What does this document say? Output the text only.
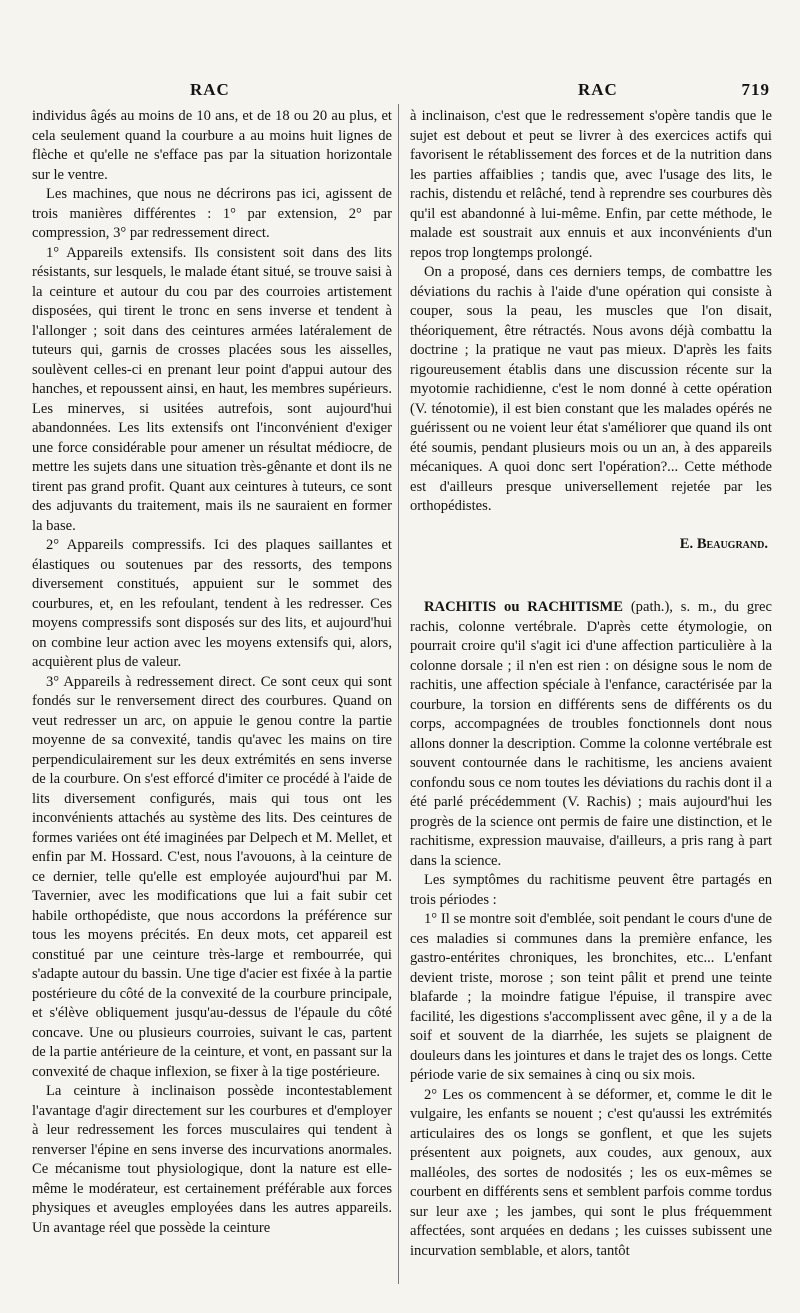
RAC	RAC	719

individus âgés au moins de 10 ans, et de 18 ou 20 au plus, et cela seulement quand la courbure a au moins huit lignes de flèche et qu'elle ne s'efface pas par la situation horizontale sur le ventre.

Les machines, que nous ne décrirons pas ici, agissent de trois manières différentes : 1° par extension, 2° par compression, 3° par redressement direct.

1° Appareils extensifs. Ils consistent soit dans des lits résistants, sur lesquels, le malade étant situé, se trouve saisi à la ceinture et autour du cou par des courroies artistement disposées, qui tirent le tronc en sens inverse et tendent à l'allonger ; soit dans des ceintures armées latéralement de tuteurs qui, garnis de crosses placées sous les aisselles, soulèvent celles-ci en prenant leur point d'appui autour des hanches, et repoussent ainsi, en haut, les membres supérieurs. Les minerves, si usitées autrefois, sont aujourd'hui abandonnées. Les lits extensifs ont l'inconvénient d'exiger une force considérable pour amener un résultat médiocre, de mettre les sujets dans une situation très-gênante et dont ils ne tirent pas grand profit. Quant aux ceintures à tuteurs, ce sont des adjuvants du traitement, mais ils ne sauraient en former la base.

2° Appareils compressifs. Ici des plaques saillantes et élastiques ou soutenues par des ressorts, des tempons diversement constitués, appuient sur le sommet des courbures, et, en les refoulant, tendent à les redresser. Ces moyens compressifs sont disposés sur des lits, et aujourd'hui on combine leur action avec les moyens extensifs qui, alors, acquièrent plus de valeur.

3° Appareils à redressement direct. Ce sont ceux qui sont fondés sur le renversement direct des courbures. Quand on veut redresser un arc, on appuie le genou contre la partie moyenne de sa convexité, tandis qu'avec les mains on tire perpendiculairement sur les deux extrémités en sens inverse de la courbure. On s'est efforcé d'imiter ce procédé à l'aide de lits diversement configurés, mais qui tous ont les inconvénients attachés au système des lits. Des ceintures de formes variées ont été imaginées par Delpech et M. Mellet, et enfin par M. Hossard. C'est, nous l'avouons, à la ceinture de ce dernier, telle qu'elle est employée aujourd'hui par M. Tavernier, avec les modifications que lui a fait subir cet habile orthopédiste, que nous accordons la préférence sur tous les moyens précités. En deux mots, cet appareil est constitué par une ceinture très-large et rembourrée, qui s'adapte autour du bassin. Une tige d'acier est fixée à la partie postérieure du côté de la convexité de la courbure principale, et s'élève obliquement jusqu'au-dessus de l'épaule du côté concave. Une ou plusieurs courroies, suivant le cas, partent de la partie antérieure de la ceinture, et vont, en passant sur la convexité de chaque inflexion, se fixer à la tige postérieure.

La ceinture à inclinaison possède incontestablement l'avantage d'agir directement sur les courbures et d'employer à leur redressement les forces musculaires qui tendent à renverser l'épine en sens inverse des incurvations anormales. Ce mécanisme tout physiologique, dont la nature est elle-même le modérateur, est certainement préférable aux forces physiques et aveugles employées dans les autres appareils. Un avantage réel que possède la ceinture

à inclinaison, c'est que le redressement s'opère tandis que le sujet est debout et peut se livrer à des exercices actifs qui favorisent le rétablissement des forces et de la nutrition dans les parties affaiblies ; tandis que, avec l'usage des lits, le rachis, distendu et relâché, tend à reprendre ses courbures dès qu'il est abandonné à lui-même. Enfin, par cette méthode, le malade est soustrait aux ennuis et aux inconvénients d'un repos trop longtemps prolongé.

On a proposé, dans ces derniers temps, de combattre les déviations du rachis à l'aide d'une opération qui consiste à couper, sous la peau, les muscles que l'on disait, théoriquement, être rétractés. Nous avons déjà combattu la doctrine ; la pratique ne vaut pas mieux. D'après les faits rigoureusement établis dans une discussion récente sur la myotomie rachidienne, c'est le nom donné à cette opération (V. ténotomie), il est bien constant que les malades opérés ne guérissent ou ne voient leur état s'améliorer que quand ils ont été soumis, pendant plusieurs mois ou un an, à des appareils mécaniques. A quoi donc sert l'opération?... Cette méthode est d'ailleurs presque universellement rejetée par les orthopédistes.

E. Beaugrand.

RACHITIS ou RACHITISME (path.), s. m., du grec rachis, colonne vertébrale. D'après cette étymologie, on pourrait croire qu'il s'agit ici d'une affection particulière à la colonne dorsale ; il n'en est rien : on désigne sous le nom de rachitis, une affection spéciale à l'enfance, caractérisée par la courbure, la torsion en différents sens de différents os du corps, accompagnées de troubles fonctionnels dont nous allons donner la description. Comme la colonne vertébrale est souvent contournée dans le rachitisme, les anciens avaient confondu sous ce nom toutes les déviations du rachis dont il a été parlé précédemment (V. Rachis) ; mais aujourd'hui les progrès de la science ont permis de faire une distinction, et le rachitisme, expression mauvaise, d'ailleurs, a pris rang à part dans la science.

Les symptômes du rachitisme peuvent être partagés en trois périodes :

1° Il se montre soit d'emblée, soit pendant le cours d'une de ces maladies si communes dans la première enfance, les gastro-entérites chroniques, les bronchites, etc... L'enfant devient triste, morose ; son teint pâlit et prend une teinte blafarde ; la moindre fatigue l'épuise, il transpire avec facilité, les digestions s'accomplissent avec gêne, il y a de la soif et souvent de la diarrhée, les sujets se plaignent de douleurs dans les jointures et dans le trajet des os longs. Cette période varie de six semaines à cinq ou six mois.

2° Les os commencent à se déformer, et, comme le dit le vulgaire, les enfants se nouent ; c'est qu'aussi les extrémités articulaires des os longs se gonflent, et que les sujets présentent aux poignets, aux coudes, aux genoux, aux malléoles, des sortes de nodosités ; les os eux-mêmes se courbent en différents sens et semblent parfois comme tordus sur leur axe ; les jambes, qui sont le plus fréquemment affectées, sont arquées en dedans ; les cuisses subissent une incurvation semblable, et alors, tantôt
